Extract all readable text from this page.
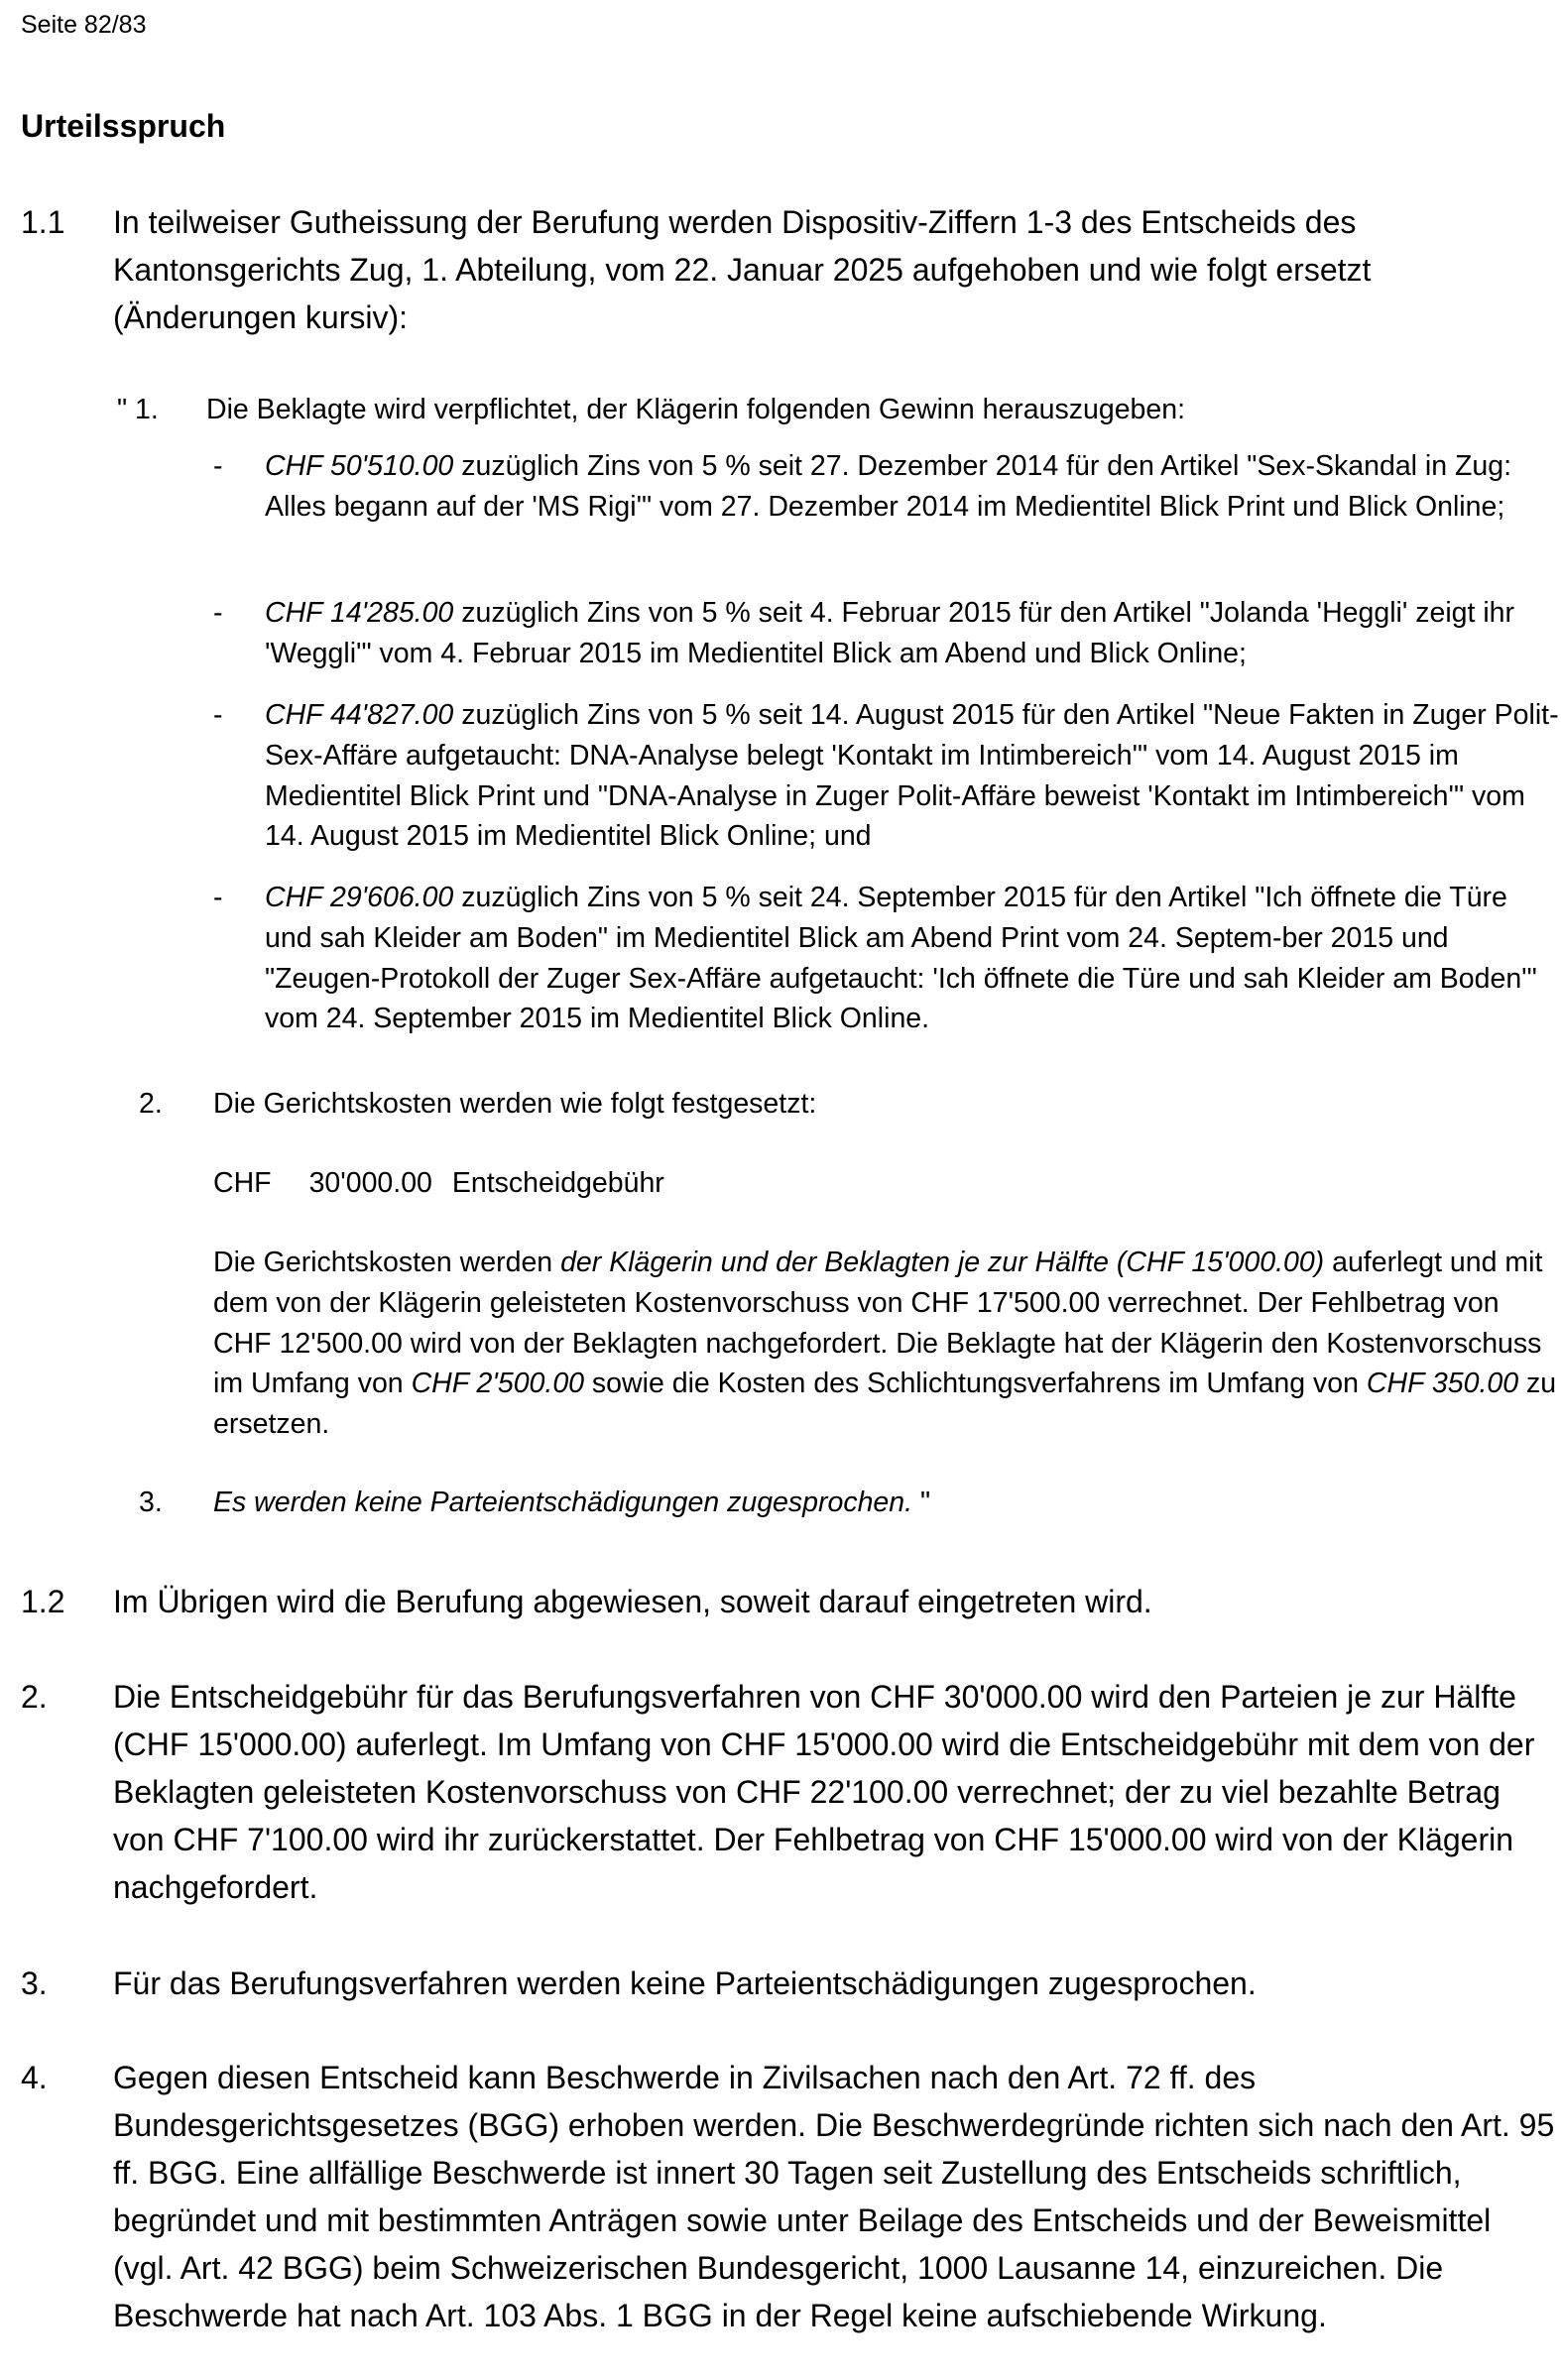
Seite 82/83
Urteilsspruch
1.1 In teilweiser Gutheissung der Berufung werden Dispositiv-Ziffern 1-3 des Entscheids des Kantonsgerichts Zug, 1. Abteilung, vom 22. Januar 2025 aufgehoben und wie folgt ersetzt (Änderungen kursiv):
" 1. Die Beklagte wird verpflichtet, der Klägerin folgenden Gewinn herauszugeben:
- CHF 50'510.00 zuzüglich Zins von 5 % seit 27. Dezember 2014 für den Artikel "Sex-Skandal in Zug: Alles begann auf der 'MS Rigi'" vom 27. Dezember 2014 im Medientitel Blick Print und Blick Online;
- CHF 14'285.00 zuzüglich Zins von 5 % seit 4. Februar 2015 für den Artikel "Jolanda 'Heggli' zeigt ihr 'Weggli'" vom 4. Februar 2015 im Medientitel Blick am Abend und Blick Online;
- CHF 44'827.00 zuzüglich Zins von 5 % seit 14. August 2015 für den Artikel "Neue Fakten in Zuger Polit-Sex-Affäre aufgetaucht: DNA-Analyse belegt 'Kontakt im Intimbereich'" vom 14. August 2015 im Medientitel Blick Print und "DNA-Analyse in Zuger Polit-Affäre beweist 'Kontakt im Intimbereich'" vom 14. August 2015 im Medientitel Blick Online; und
- CHF 29'606.00 zuzüglich Zins von 5 % seit 24. September 2015 für den Artikel "Ich öffnete die Türe und sah Kleider am Boden" im Medientitel Blick am Abend Print vom 24. Septem-ber 2015 und "Zeugen-Protokoll der Zuger Sex-Affäre aufgetaucht: 'Ich öffnete die Türe und sah Kleider am Boden'" vom 24. September 2015 im Medientitel Blick Online.
2. Die Gerichtskosten werden wie folgt festgesetzt:
CHF 30'000.00 Entscheidgebühr
Die Gerichtskosten werden der Klägerin und der Beklagten je zur Hälfte (CHF 15'000.00) auferlegt und mit dem von der Klägerin geleisteten Kostenvorschuss von CHF 17'500.00 verrechnet. Der Fehlbetrag von CHF 12'500.00 wird von der Beklagten nachgefordert. Die Beklagte hat der Klägerin den Kostenvorschuss im Umfang von CHF 2'500.00 sowie die Kosten des Schlichtungsverfahrens im Umfang von CHF 350.00 zu ersetzen.
3. Es werden keine Parteientschädigungen zugesprochen. "
1.2 Im Übrigen wird die Berufung abgewiesen, soweit darauf eingetreten wird.
2. Die Entscheidgebühr für das Berufungsverfahren von CHF 30'000.00 wird den Parteien je zur Hälfte (CHF 15'000.00) auferlegt. Im Umfang von CHF 15'000.00 wird die Entscheidgebühr mit dem von der Beklagten geleisteten Kostenvorschuss von CHF 22'100.00 verrechnet; der zu viel bezahlte Betrag von CHF 7'100.00 wird ihr zurückerstattet. Der Fehlbetrag von CHF 15'000.00 wird von der Klägerin nachgefordert.
3. Für das Berufungsverfahren werden keine Parteientschädigungen zugesprochen.
4. Gegen diesen Entscheid kann Beschwerde in Zivilsachen nach den Art. 72 ff. des Bundesgerichtsgesetzes (BGG) erhoben werden. Die Beschwerdegründe richten sich nach den Art. 95 ff. BGG. Eine allfällige Beschwerde ist innert 30 Tagen seit Zustellung des Entscheids schriftlich, begründet und mit bestimmten Anträgen sowie unter Beilage des Entscheids und der Beweismittel (vgl. Art. 42 BGG) beim Schweizerischen Bundesgericht, 1000 Lausanne 14, einzureichen. Die Beschwerde hat nach Art. 103 Abs. 1 BGG in der Regel keine aufschiebende Wirkung.
